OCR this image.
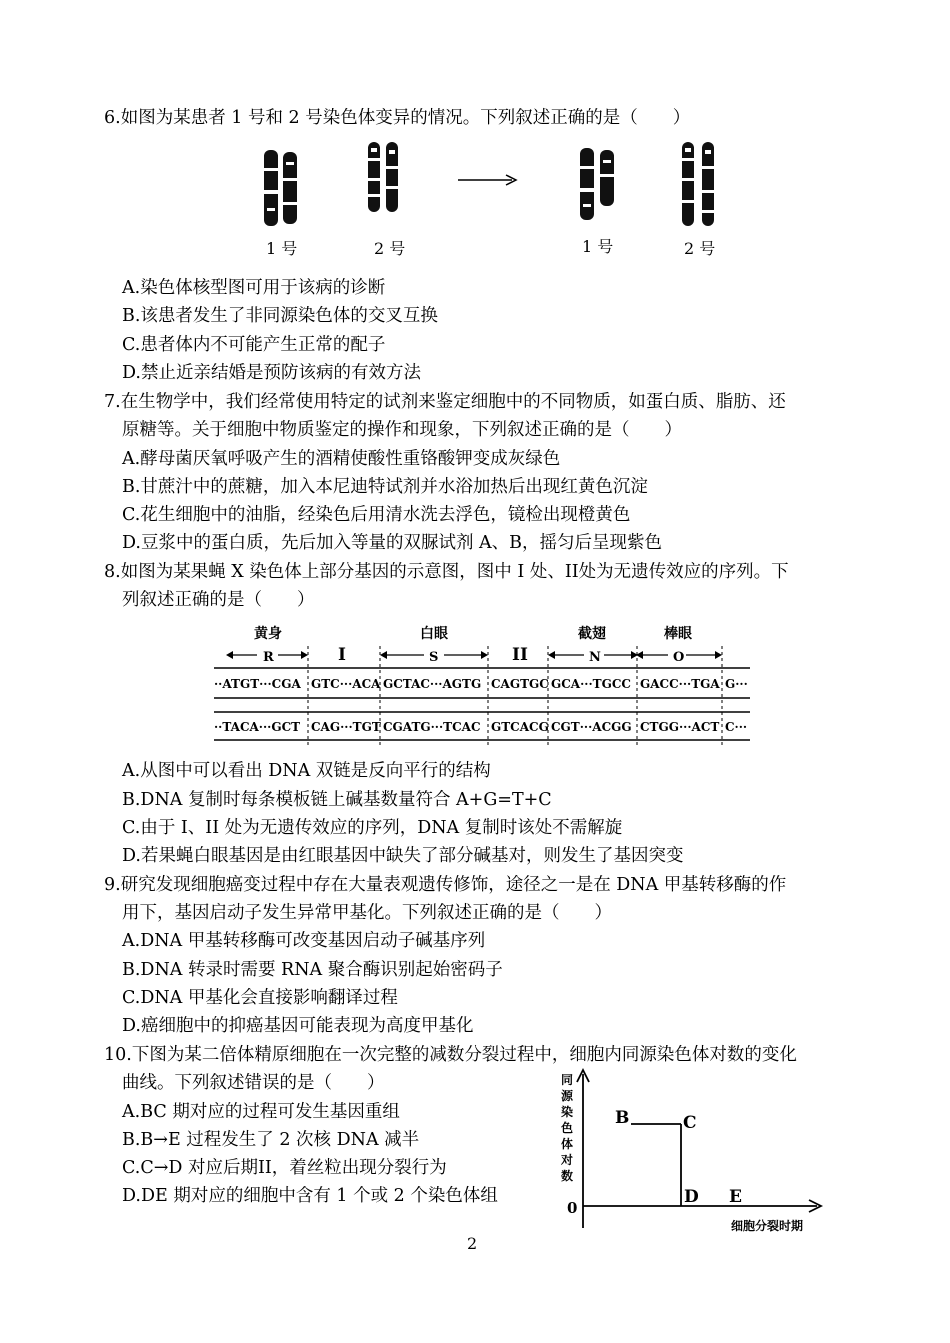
6.如图为某患者 1 号和 2 号染色体变异的情况。下列叙述正确的是（　　）
1 号	2 号	1 号	2 号
A.染色体核型图可用于该病的诊断
B.该患者发生了非同源染色体的交叉互换
C.患者体内不可能产生正常的配子
D.禁止近亲结婚是预防该病的有效方法
7.在生物学中，我们经常使用特定的试剂来鉴定细胞中的不同物质，如蛋白质、脂肪、还
原糖等。关于细胞中物质鉴定的操作和现象，下列叙述正确的是（　　）
A.酵母菌厌氧呼吸产生的酒精使酸性重铬酸钾变成灰绿色
B.甘蔗汁中的蔗糖，加入本尼迪特试剂并水浴加热后出现红黄色沉淀
C.花生细胞中的油脂，经染色后用清水洗去浮色，镜检出现橙黄色
D.豆浆中的蛋白质，先后加入等量的双脲试剂 A、B，摇匀后呈现紫色
8.如图为某果蝇 X 染色体上部分基因的示意图，图中 I 处、II处为无遗传效应的序列。下
列叙述正确的是（　　）
黄身	白眼	截翅	棒眼
R	S	N	O
I	II
··ATGT···CGA GTC···ACA GCTAC···AGTG CAGTGC GCA···TGCC GACC···TGA G···
··TACA···GCT CAG···TGT CGATG···TCAC GTCACG CGT···ACGG CTGG···ACT C···
A.从图中可以看出 DNA 双链是反向平行的结构
B.DNA 复制时每条模板链上碱基数量符合 A+G=T+C
C.由于 I、II 处为无遗传效应的序列，DNA 复制时该处不需解旋
D.若果蝇白眼基因是由红眼基因中缺失了部分碱基对，则发生了基因突变
9.研究发现细胞癌变过程中存在大量表观遗传修饰，途径之一是在 DNA 甲基转移酶的作
用下，基因启动子发生异常甲基化。下列叙述正确的是（　　）
A.DNA 甲基转移酶可改变基因启动子碱基序列
B.DNA 转录时需要 RNA 聚合酶识别起始密码子
C.DNA 甲基化会直接影响翻译过程
D.癌细胞中的抑癌基因可能表现为高度甲基化
10.下图为某二倍体精原细胞在一次完整的减数分裂过程中，细胞内同源染色体对数的变化
曲线。下列叙述错误的是（　　）
A.BC 期对应的过程可发生基因重组
B.B→E 过程发生了 2 次核 DNA 减半
C.C→D 对应后期II，着丝粒出现分裂行为
D.DE 期对应的细胞中含有 1 个或 2 个染色体组
同
源
染
色
体
对
数
0
细胞分裂时期
B	C
D E
2
